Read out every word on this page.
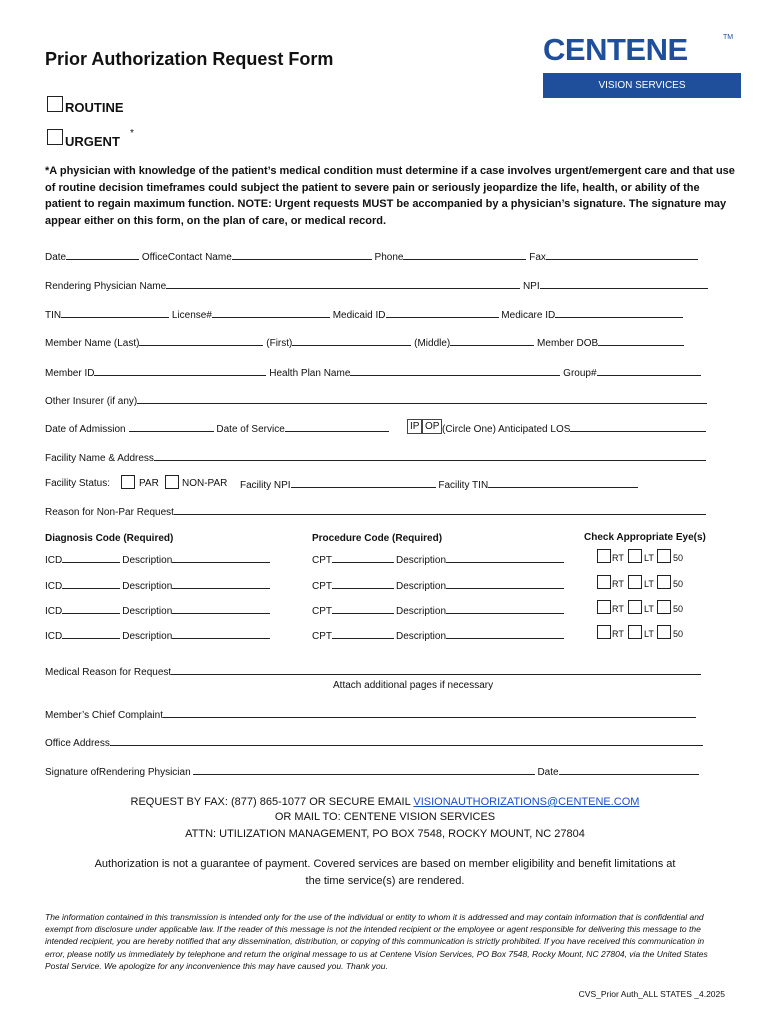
Prior Authorization Request Form	CENTENE	TM
VISION SERVICES
ROUTINE
URGENT
*
*A physician with knowledge of the patient’s medical condition must determine if a case involves urgent/emergent care and that use of routine decision timeframes could subject the patient to severe pain or seriously jeopardize the life, health, or ability of the patient to regain maximum function. NOTE: Urgent requests MUST be accompanied by a physician’s signature. The signature may appear either on this form, on the plan of care, or medical record.
Date	OfficeContact Name	Phone	Fax
Rendering Physician Name	NPI
TIN	License#	Medicaid ID	Medicare ID
Member Name (Last)	(First)	(Middle)	Member DOB
Member ID	Health Plan Name	Group#
Other Insurer (if any)
Date of Admission	Date of Service	IP OP (Circle One) Anticipated LOS
Facility Name & Address
Facility Status:	PAR NON-PAR Facility NPI	Facility TIN
Reason for Non-Par Request
Diagnosis Code (Required)	Procedure Code (Required)	Check Appropriate Eye(s)
ICD	Description	CPT	Description	RT LT 50
ICD	Description	CPT	Description	RT LT 50
ICD	Description	CPT	Description	RT LT 50
ICD	Description	CPT	Description	RT LT 50
Medical Reason for Request
Attach additional pages if necessary
Member’s Chief Complaint
Office Address
Signature ofRendering Physician	Date
REQUEST BY FAX: (877) 865-1077 OR SECURE EMAIL VISIONAUTHORIZATIONS@CENTENE.COM
OR MAIL TO: CENTENE VISION SERVICES
ATTN: UTILIZATION MANAGEMENT, PO BOX 7548, ROCKY MOUNT, NC 27804
Authorization is not a guarantee of payment. Covered services are based on member eligibility and benefit limitations at
the time service(s) are rendered.
The information contained in this transmission is intended only for the use of the individual or entity to whom it is addressed and may contain information that is confidential and exempt from disclosure under applicable law. If the reader of this message is not the intended recipient or the employee or agent responsible for delivering this message to the intended recipient, you are hereby notified that any dissemination, distribution, or copying of this communication is strictly prohibited. If you have received this communication in error, please notify us immediately by telephone and return the original message to us at Centene Vision Services, PO Box 7548, Rocky Mount, NC 27804, via the United States Postal Service. We apologize for any inconvenience this may have caused you. Thank you.
CVS_Prior Auth_ALL STATES _4.2025
